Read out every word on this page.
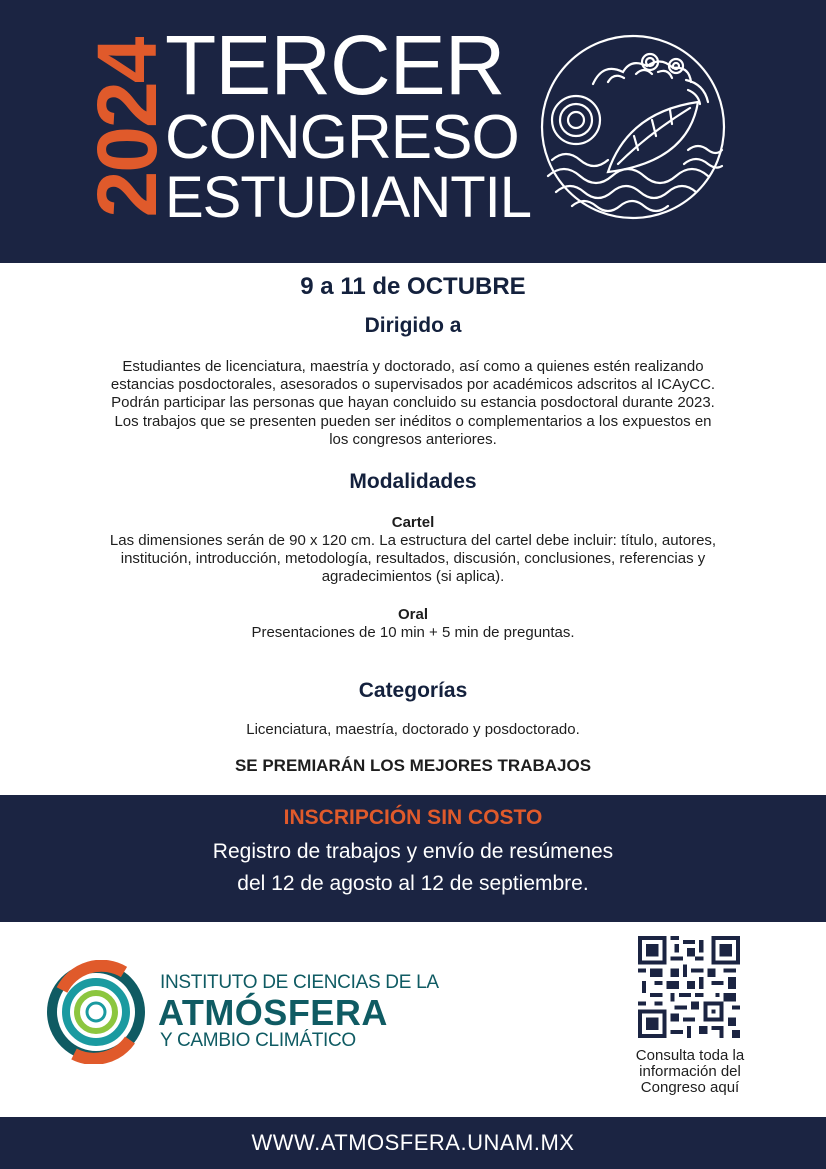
2024
TERCER
CONGRESO
ESTUDIANTIL
9 a 11 de OCTUBRE
Dirigido a
Estudiantes de licenciatura, maestría y doctorado, así como a quienes estén realizando
estancias posdoctorales, asesorados o supervisados por académicos adscritos al ICAyCC.
Podrán participar las personas que hayan concluido su estancia posdoctoral durante 2023.
Los trabajos que se presenten pueden ser inéditos o complementarios a los expuestos en
los congresos anteriores.
Modalidades
Cartel
Las dimensiones serán de 90 x 120 cm. La estructura del cartel debe incluir: título, autores,
institución, introducción, metodología, resultados, discusión, conclusiones, referencias y
agradecimientos (si aplica).
Oral
Presentaciones de 10 min + 5 min de preguntas.
Categorías
Licenciatura, maestría, doctorado y posdoctorado.
SE PREMIARÁN LOS MEJORES TRABAJOS
INSCRIPCIÓN SIN COSTO
Registro de trabajos y envío de resúmenes
del 12 de agosto al 12 de septiembre.
INSTITUTO DE CIENCIAS DE LA
ATMÓSFERA
Y CAMBIO CLIMÁTICO
Consulta toda la
información del
Congreso aquí
WWW.ATMOSFERA.UNAM.MX
